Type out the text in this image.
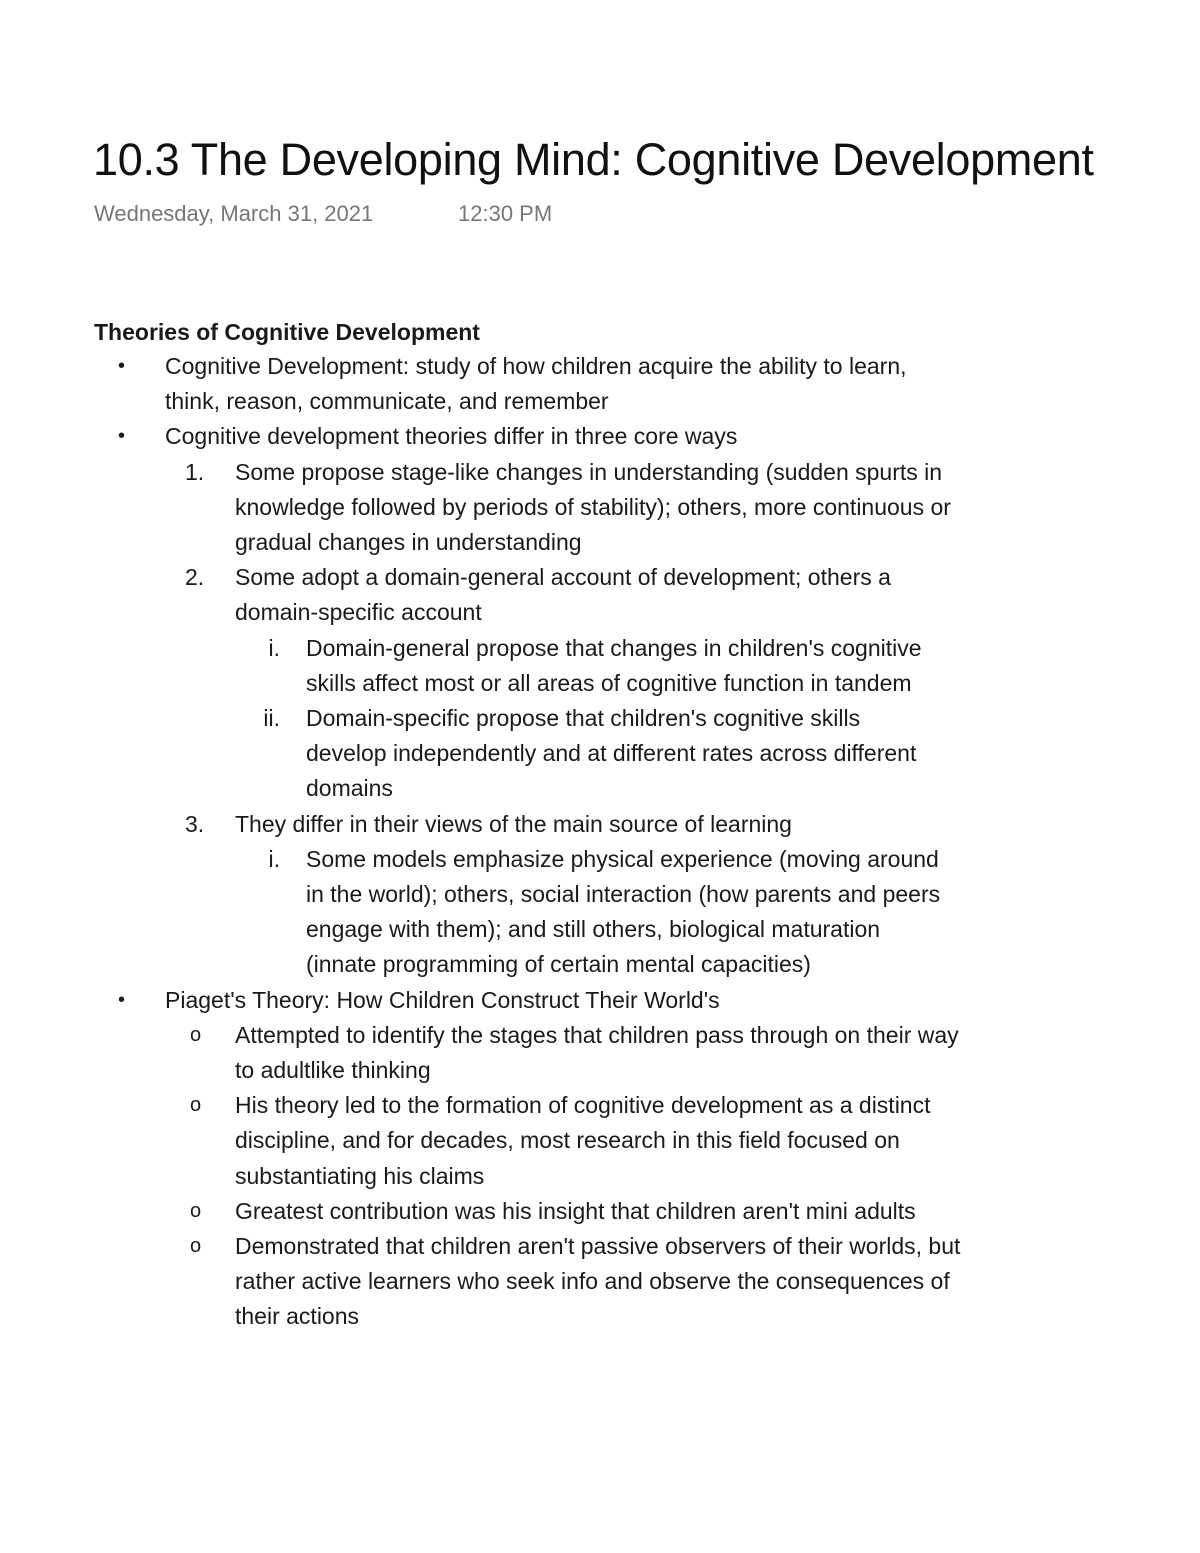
10.3 The Developing Mind: Cognitive Development
Wednesday, March 31, 2021	12:30 PM
Theories of Cognitive Development
• Cognitive Development: study of how children acquire the ability to learn, think, reason, communicate, and remember
• Cognitive development theories differ in three core ways
1. Some propose stage-like changes in understanding (sudden spurts in knowledge followed by periods of stability); others, more continuous or gradual changes in understanding
2. Some adopt a domain-general account of development; others a domain-specific account
i. Domain-general propose that changes in children's cognitive skills affect most or all areas of cognitive function in tandem
ii. Domain-specific propose that children's cognitive skills develop independently and at different rates across different domains
3. They differ in their views of the main source of learning
i. Some models emphasize physical experience (moving around in the world); others, social interaction (how parents and peers engage with them); and still others, biological maturation (innate programming of certain mental capacities)
• Piaget's Theory: How Children Construct Their World's
o Attempted to identify the stages that children pass through on their way to adultlike thinking
o His theory led to the formation of cognitive development as a distinct discipline, and for decades, most research in this field focused on substantiating his claims
o Greatest contribution was his insight that children aren't mini adults
o Demonstrated that children aren't passive observers of their worlds, but rather active learners who seek info and observe the consequences of their actions
